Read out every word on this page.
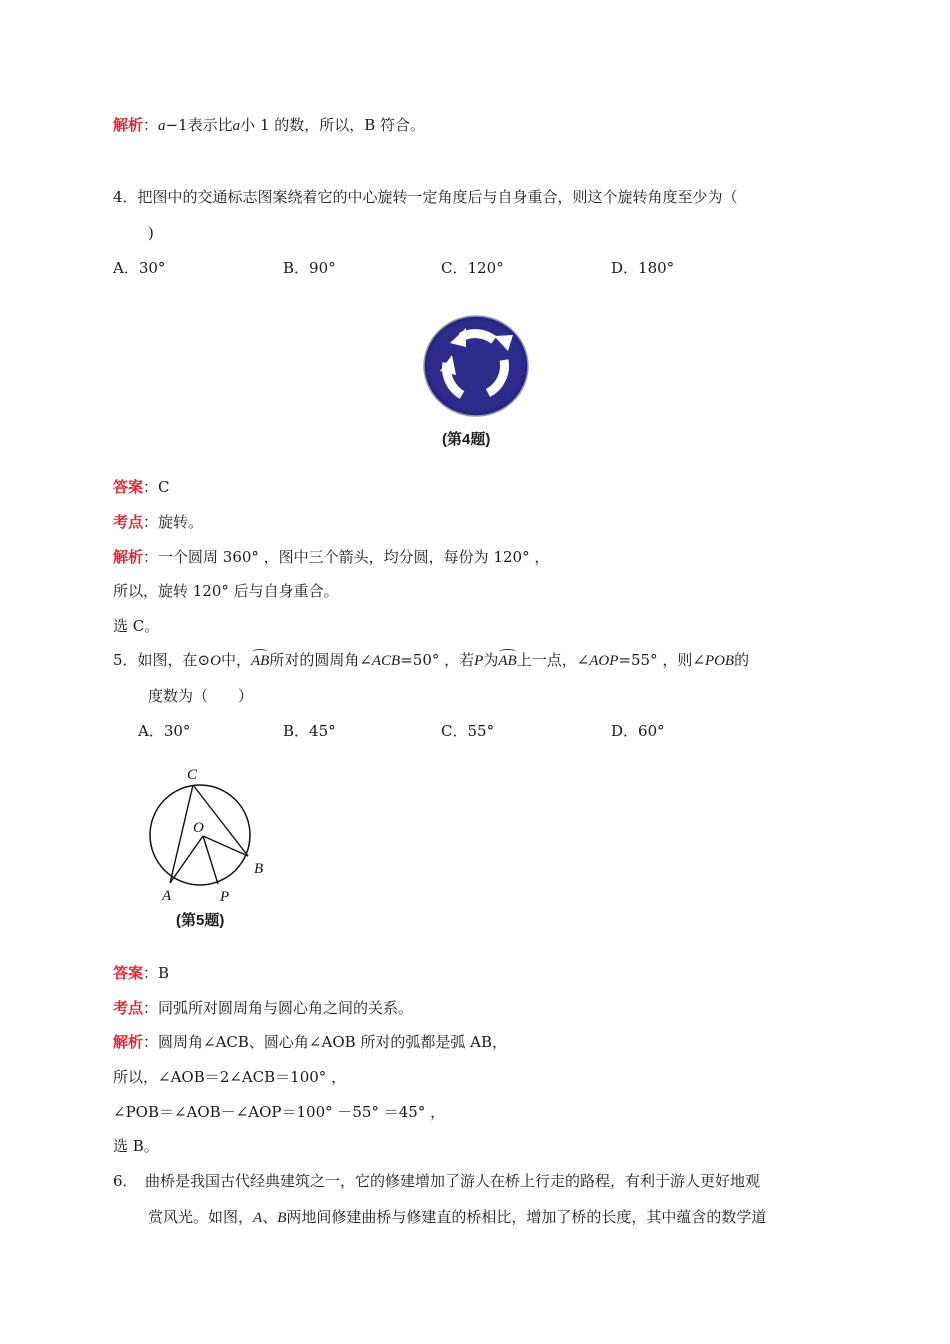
解析：a−1表示比a小 1 的数，所以，B 符合。
4．把图中的交通标志图案绕着它的中心旋转一定角度后与自身重合，则这个旋转角度至少为（
)
A．30°	B．90°	C．120°	D．180°
(第4题)
答案：C
考点：旋转。
解析：一个圆周 360° ，图中三个箭头，均分圆，每份为 120° ，
所以，旋转 120° 后与自身重合。
选 C。
5．如图，在⊙O中，AB所对的圆周角∠ACB=50° ，若P为AB上一点，∠AOP=55° ，则∠POB的
度数为（　　）
A．30°	B．45°	C．55°	D．60°
C
O
B
A	P
(第5题)
答案：B
考点：同弧所对圆周角与圆心角之间的关系。
解析：圆周角∠ACB、圆心角∠AOB 所对的弧都是弧 AB，
所以，∠AOB＝2∠ACB＝100° ，
∠POB＝∠AOB－∠AOP＝100° －55° ＝45° ，
选 B。
6．　曲桥是我国古代经典建筑之一，它的修建增加了游人在桥上行走的路程，有利于游人更好地观
赏风光。如图，A、B两地间修建曲桥与修建直的桥相比，增加了桥的长度，其中蕴含的数学道
